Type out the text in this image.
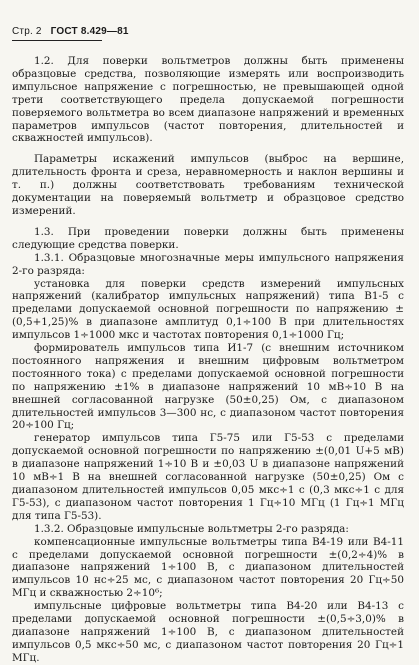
Стр. 2 ГОСТ 8.429—81

1.2. Для поверки вольтметров должны быть применены образцовые средства, позволяющие измерять или воспроизводить импульсное напряжение с погрешностью, не превышающей одной трети соответствующего предела допускаемой погрешности поверяемого вольтметра во всем диапазоне напряжений и временных параметров импульсов (частот повторения, длительностей и скважностей импульсов).

Параметры искажений импульсов (выброс на вершине, длительность фронта и среза, неравномерность и наклон вершины и т. п.) должны соответствовать требованиям технической документации на поверяемый вольтметр и образцовое средство измерений.

1.3. При проведении поверки должны быть применены следующие средства поверки.

1.3.1. Образцовые многозначные меры импульсного напряжения 2-го разряда:

установка для поверки средств измерений импульсных напряжений (калибратор импульсных напряжений) типа В1-5 с пределами допускаемой основной погрешности по напряжению ±(0,5+1,25)% в диапазоне амплитуд 0,1÷100 В при длительностях импульсов 1÷1000 мкс и частотах повторения 0,1÷1000 Гц;

формирователь импульсов типа И1-7 (с внешним источником постоянного напряжения и внешним цифровым вольтметром постоянного тока) с пределами допускаемой основной погрешности по напряжению ±1% в диапазоне напряжений 10 мВ÷10 В на внешней согласованной нагрузке (50±0,25) Ом, с диапазоном длительностей импульсов 3—300 нс, с диапазоном частот повторения 20÷100 Гц;

генератор импульсов типа Г5-75 или Г5-53 с пределами допускаемой основной погрешности по напряжению ±(0,01 U+5 мВ) в диапазоне напряжений 1÷10 В и ±0,03 U в диапазоне напряжений 10 мВ÷1 В на внешней согласованной нагрузке (50±0,25) Ом с диапазоном длительностей импульсов 0,05 мкс÷1 с (0,3 мкс÷1 с для Г5-53), с диапазоном частот повторения 1 Гц÷10 МГц (1 Гц÷1 МГц для типа Г5-53).

1.3.2. Образцовые импульсные вольтметры 2-го разряда:

компенсационные импульсные вольтметры типа В4-19 или В4-11 с пределами допускаемой основной погрешности ±(0,2÷4)% в диапазоне напряжений 1÷100 В, с диапазоном длительностей импульсов 10 нс÷25 мс, с диапазоном частот повторения 20 Гц÷50 МГц и скважностью 2÷10⁶;

импульсные цифровые вольтметры типа В4-20 или В4-13 с пределами допускаемой основной погрешности ±(0,5÷3,0)% в диапазоне напряжений 1÷100 В, с диапазоном длительностей импульсов 0,5 мкс÷50 мс, с диапазоном частот повторения 20 Гц÷1 МГц.
